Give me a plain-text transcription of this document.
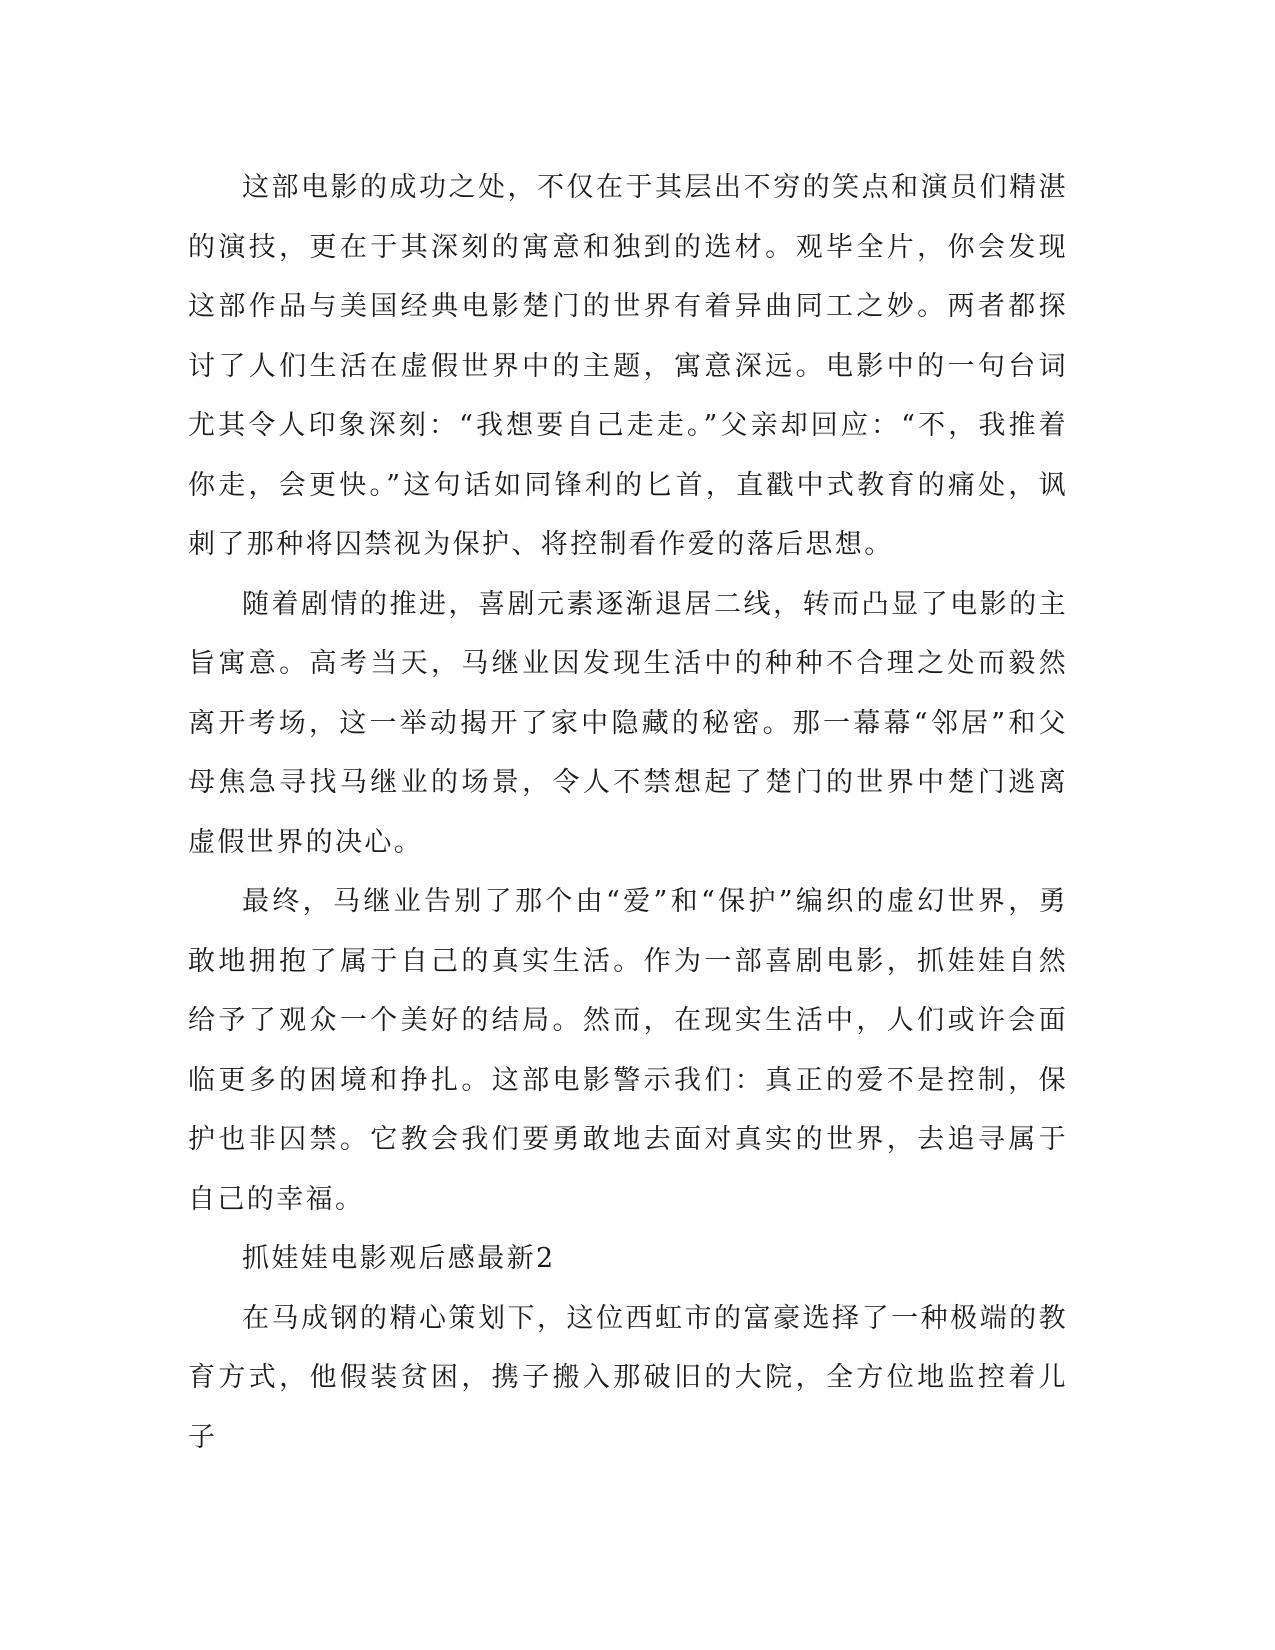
这部电影的成功之处，不仅在于其层出不穷的笑点和演员们精湛的演技，更在于其深刻的寓意和独到的选材。观毕全片，你会发现这部作品与美国经典电影楚门的世界有着异曲同工之妙。两者都探讨了人们生活在虚假世界中的主题，寓意深远。电影中的一句台词尤其令人印象深刻：“我想要自己走走。”父亲却回应：“不，我推着你走，会更快。”这句话如同锋利的匕首，直戳中式教育的痛处，讽刺了那种将囚禁视为保护、将控制看作爱的落后思想。

随着剧情的推进，喜剧元素逐渐退居二线，转而凸显了电影的主旨寓意。高考当天，马继业因发现生活中的种种不合理之处而毅然离开考场，这一举动揭开了家中隐藏的秘密。那一幕幕“邻居”和父母焦急寻找马继业的场景，令人不禁想起了楚门的世界中楚门逃离虚假世界的决心。

最终，马继业告别了那个由“爱”和“保护”编织的虚幻世界，勇敢地拥抱了属于自己的真实生活。作为一部喜剧电影，抓娃娃自然给予了观众一个美好的结局。然而，在现实生活中，人们或许会面临更多的困境和挣扎。这部电影警示我们：真正的爱不是控制，保护也非囚禁。它教会我们要勇敢地去面对真实的世界，去追寻属于自己的幸福。

抓娃娃电影观后感最新2

在马成钢的精心策划下，这位西虹市的富豪选择了一种极端的教育方式，他假装贫困，携子搬入那破旧的大院，全方位地监控着儿子
